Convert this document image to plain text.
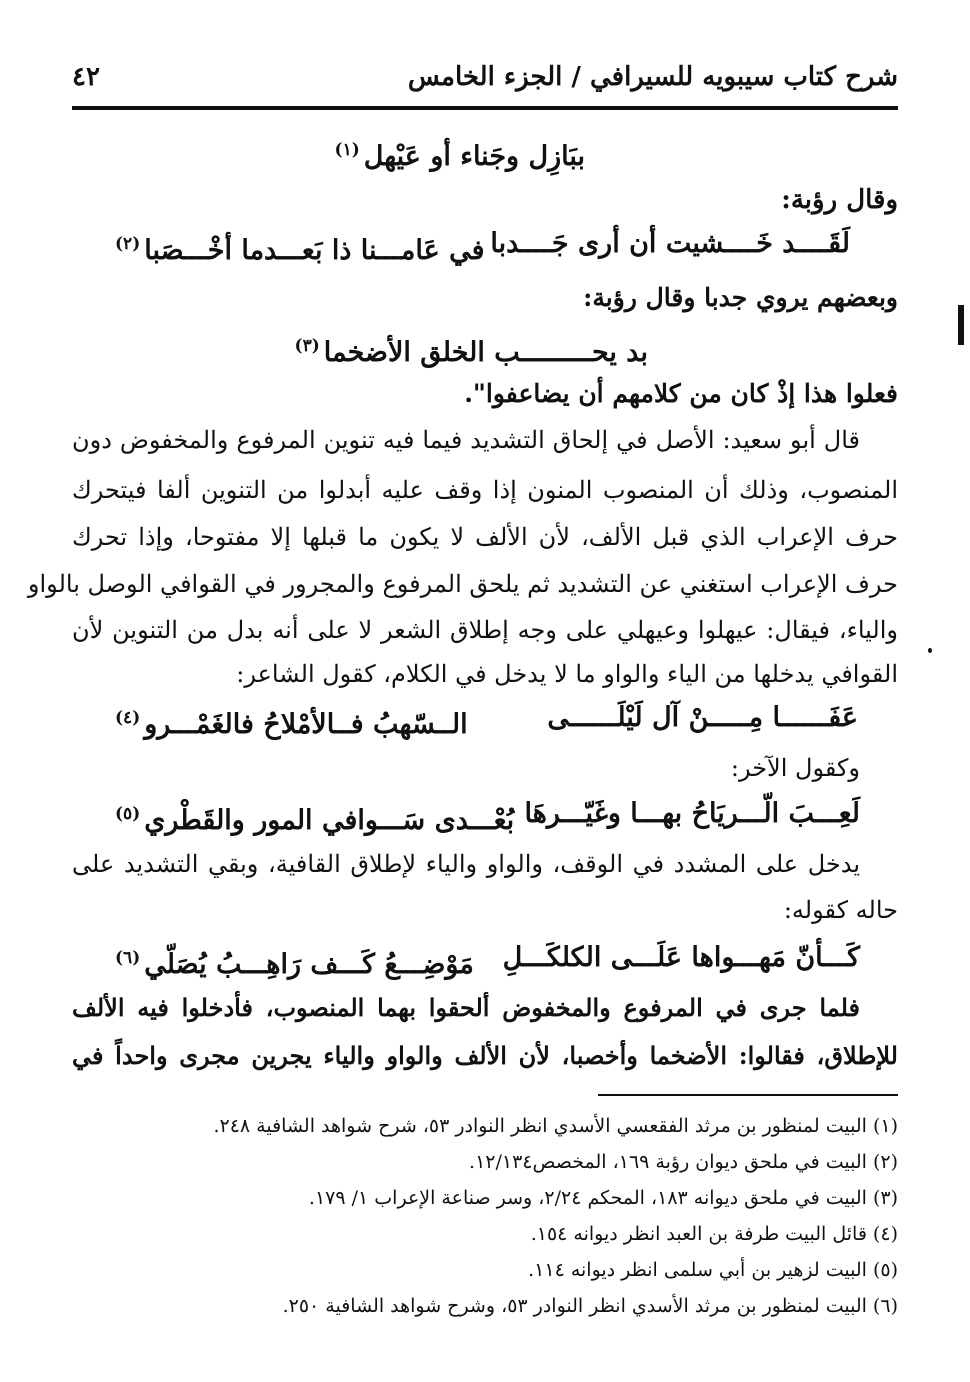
شرح كتاب سيبويه للسيرافي / الجزء الخامس
٤٢
ببَازِل وجَناء أو عَيْهل$^{(١)}$
وقال رؤبة:
لَقَــــد خَــــشيت أن أرى جَــــدبا
في عَامـــنا ذا بَعـــدما أخْـــصَبا$^{(٢)}$
وبعضهم يروي جدبا وقال رؤبة:
بد يحـــــــــب الخلق الأضخما$^{(٣)}$
فعلوا هذا إذْ كان من كلامهم أن يضاعفوا".
قال أبو سعيد: الأصل في إلحاق التشديد فيما فيه تنوين المرفوع والمخفوض دون
المنصوب، وذلك أن المنصوب المنون إذا وقف عليه أبدلوا من التنوين ألفا فيتحرك
حرف الإعراب الذي قبل الألف، لأن الألف لا يكون ما قبلها إلا مفتوحا، وإذا تحرك
حرف الإعراب استغني عن التشديد ثم يلحق المرفوع والمجرور في القوافي الوصل بالواو
والياء، فيقال: عيهلوا وعيهلي على وجه إطلاق الشعر لا على أنه بدل من التنوين لأن
القوافي يدخلها من الياء والواو ما لا يدخل في الكلام، كقول الشاعر:
عَفَــــــا مِـــــنْ آل لَيْلَــــــى
الــسّهبُ فــالأمْلاحُ فالغَمْـــرو$^{(٤)}$
وكقول الآخر:
لَعِـــبَ الّـــريَاحُ بهـــا وغَيّـــرهَا
بُعْـــدى سَـــوافي المور والقَطْري$^{(٥)}$
يدخل على المشدد في الوقف، والواو والياء لإطلاق القافية، وبقي التشديد على
حاله كقوله:
كَـــأنّ مَهـــواها عَلَـــى الكلكَـــلِ
مَوْضِـــعُ كَـــف رَاهِـــبُ يُصَلّي$^{(٦)}$
فلما جرى في المرفوع والمخفوض ألحقوا بهما المنصوب، فأدخلوا فيه الألف
للإطلاق، فقالوا: الأضخما وأخصبا، لأن الألف والواو والياء يجرين مجرى واحداً في
(١) البيت لمنظور بن مرثد الفقعسي الأسدي انظر النوادر ٥٣، شرح شواهد الشافية ٢٤٨.
(٢) البيت في ملحق ديوان رؤبة ١٦٩، المخصص١٢/١٣٤.
(٣) البيت في ملحق ديوانه ١٨٣، المحكم ٢/٢٤، وسر صناعة الإعراب ١/ ١٧٩.
(٤) قائل البيت طرفة بن العبد انظر ديوانه ١٥٤.
(٥) البيت لزهير بن أبي سلمى انظر ديوانه ١١٤.
(٦) البيت لمنظور بن مرثد الأسدي انظر النوادر ٥٣، وشرح شواهد الشافية ٢٥٠.
